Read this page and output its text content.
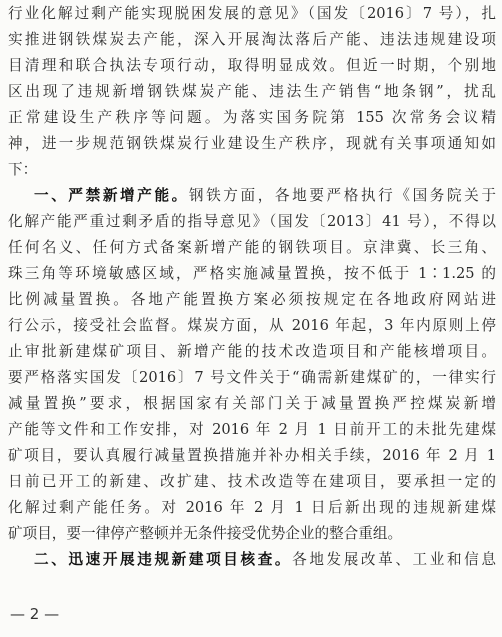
行业化解过剩产能实现脱困发展的意见》（国发〔2016〕7 号），扎
实推进钢铁煤炭去产能，深入开展淘汰落后产能、违法违规建设项
目清理和联合执法专项行动，取得明显成效。但近一时期，个别地
区出现了违规新增钢铁煤炭产能、违法生产销售“地条钢”，扰乱
正常建设生产秩序等问题。为落实国务院第 155 次常务会议精
神，进一步规范钢铁煤炭行业建设生产秩序，现就有关事项通知如
下：
一、严禁新增产能。钢铁方面，各地要严格执行《国务院关于
化解产能严重过剩矛盾的指导意见》（国发〔2013〕41 号），不得以
任何名义、任何方式备案新增产能的钢铁项目。京津冀、长三角、
珠三角等环境敏感区域，严格实施减量置换，按不低于 1∶1.25 的
比例减量置换。各地产能置换方案必须按规定在各地政府网站进
行公示，接受社会监督。煤炭方面，从 2016 年起，3 年内原则上停
止审批新建煤矿项目、新增产能的技术改造项目和产能核增项目。
要严格落实国发〔2016〕7 号文件关于“确需新建煤矿的，一律实行
减量置换”要求，根据国家有关部门关于减量置换严控煤炭新增
产能等文件和工作安排，对 2016 年 2 月 1 日前开工的未批先建煤
矿项目，要认真履行减量置换措施并补办相关手续，2016 年 2 月 1
日前已开工的新建、改扩建、技术改造等在建项目，要承担一定的
化解过剩产能任务。对 2016 年 2 月 1 日后新出现的违规新建煤
矿项目，要一律停产整顿并无条件接受优势企业的整合重组。
二、迅速开展违规新建项目核查。各地发展改革、工业和信息
— 2 —
